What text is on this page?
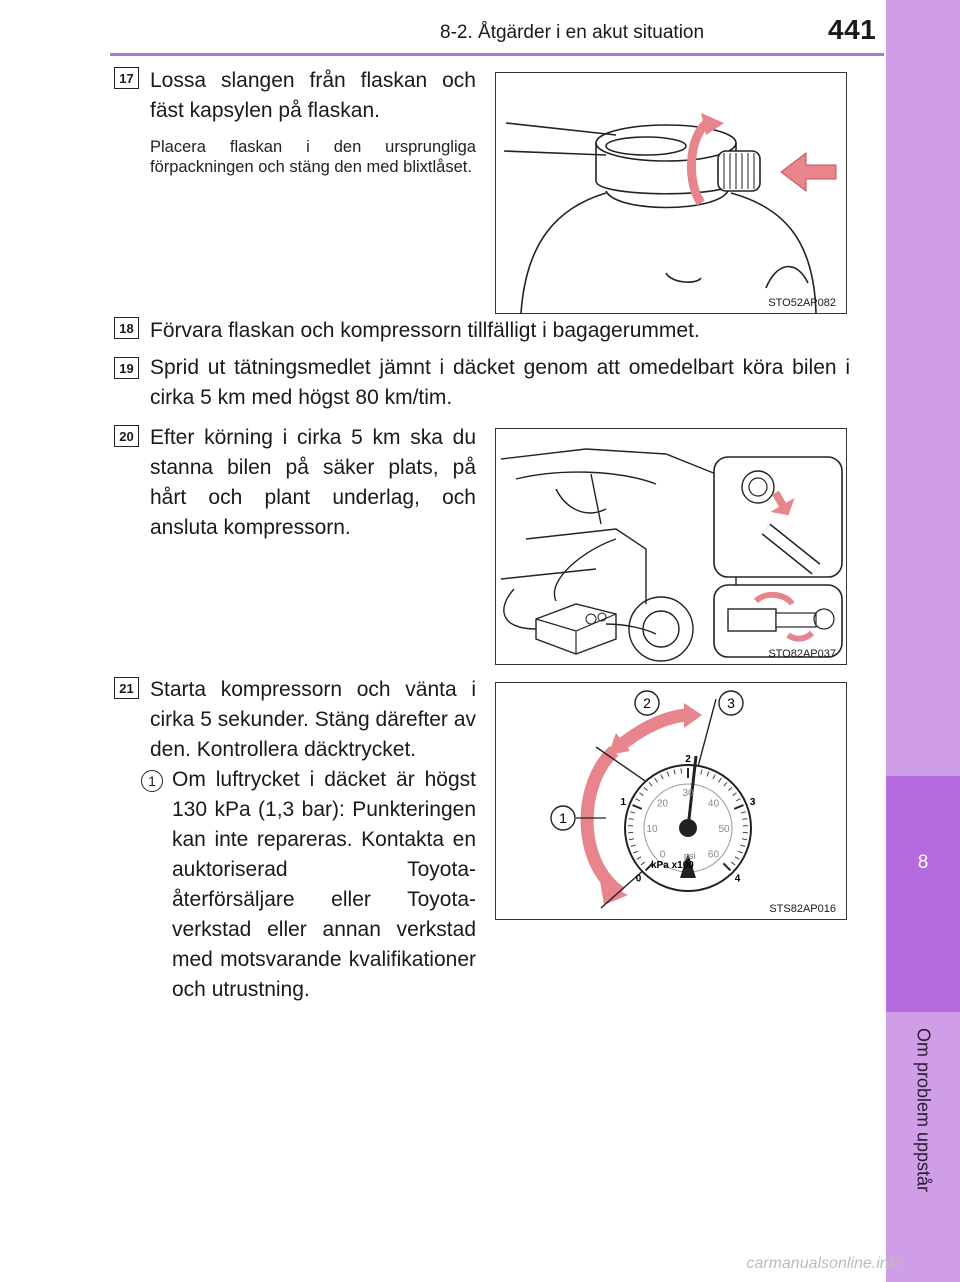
8-2. Åtgärder i en akut situation	441
8
Om problem uppstår
17 Lossa slangen från flaskan och fäst kapsylen på flaskan.
Placera flaskan i den ursprungliga förpackningen och stäng den med blixtlåset.
STO52AP082
18 Förvara flaskan och kompressorn tillfälligt i bagagerummet.
19 Sprid ut tätningsmedlet jämnt i däcket genom att omedelbart köra bilen i cirka 5 km med högst 80 km/tim.
20 Efter körning i cirka 5 km ska du stanna bilen på säker plats, på hårt och plant underlag, och ansluta kompressorn.
STO82AP037
21 Starta kompressorn och vänta i cirka 5 sekunder. Stäng därefter av den. Kontrollera däcktrycket.
1 Om luftrycket i däcket är högst 130 kPa (1,3 bar): Punkteringen kan inte repareras. Kontakta en auktoriserad Toyota-återförsäljare eller Toyota-verkstad eller annan verkstad med motsvarande kvalifikationer och utrustning.
kPa x100
psi
0
1
2
3
4
0
10
20
30
40
50
60
2	3
1
STS82AP016
carmanualsonline.info
